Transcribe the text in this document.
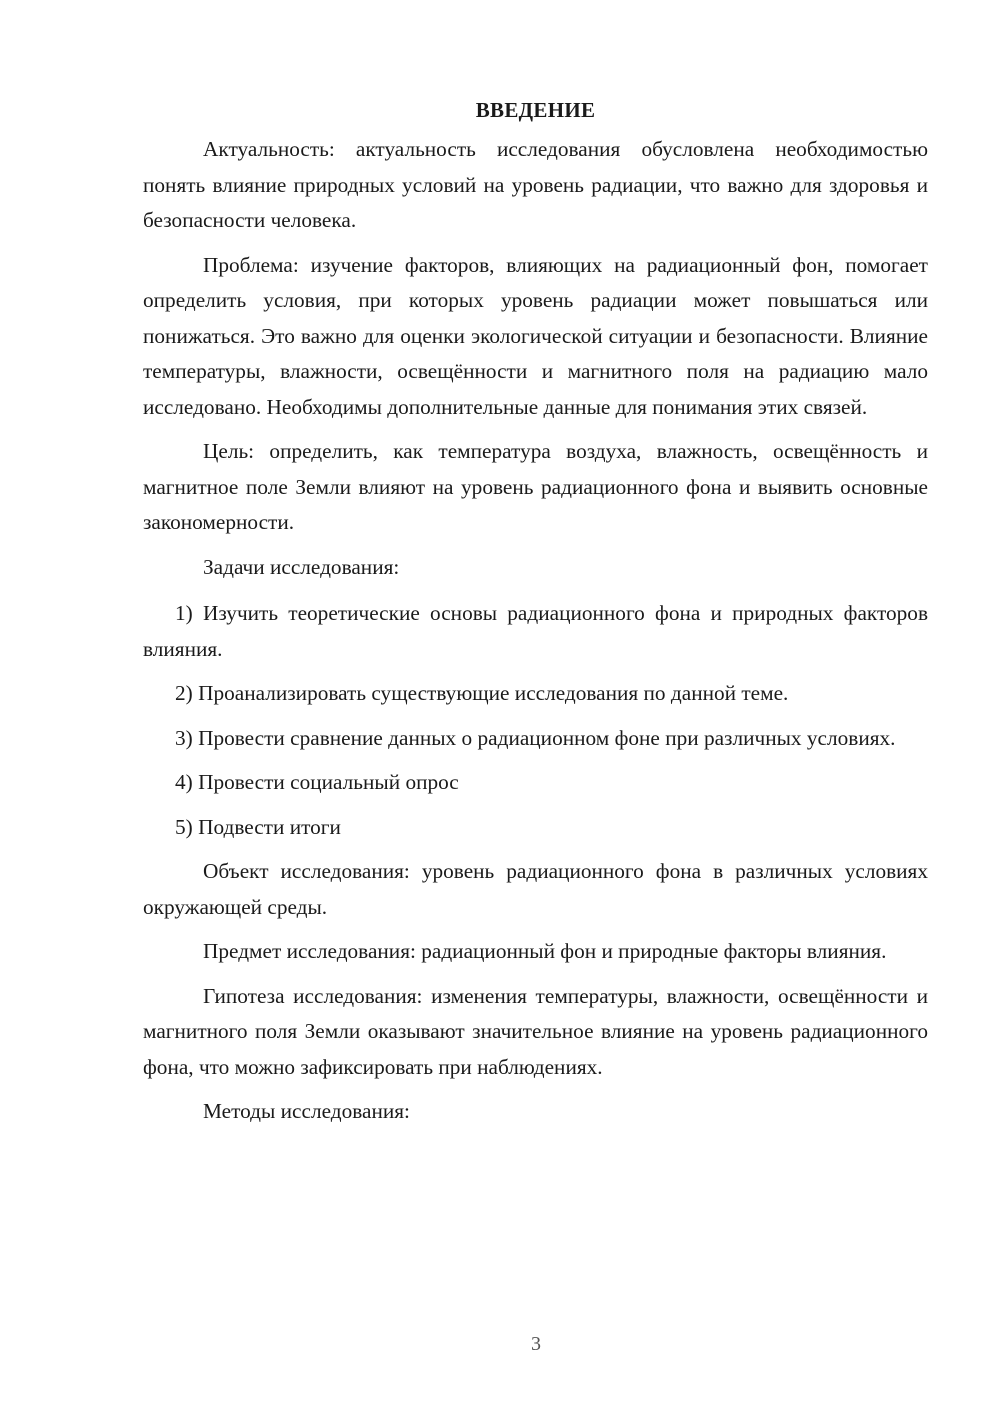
ВВЕДЕНИЕ

Актуальность: актуальность исследования обусловлена необходимостью понять влияние природных условий на уровень радиации, что важно для здоровья и безопасности человека.

Проблема: изучение факторов, влияющих на радиационный фон, помогает определить условия, при которых уровень радиации может повышаться или понижаться. Это важно для оценки экологической ситуации и безопасности. Влияние температуры, влажности, освещённости и магнитного поля на радиацию мало исследовано. Необходимы дополнительные данные для понимания этих связей.

Цель: определить, как температура воздуха, влажность, освещённость и магнитное поле Земли влияют на уровень радиационного фона и выявить основные закономерности.

Задачи исследования:

1) Изучить теоретические основы радиационного фона и природных факторов влияния.

2) Проанализировать существующие исследования по данной теме.

3) Провести сравнение данных о радиационном фоне при различных условиях.

4) Провести социальный опрос

5) Подвести итоги

Объект исследования: уровень радиационного фона в различных условиях окружающей среды.

Предмет исследования: радиационный фон и природные факторы влияния.

Гипотеза исследования: изменения температуры, влажности, освещённости и магнитного поля Земли оказывают значительное влияние на уровень радиационного фона, что можно зафиксировать при наблюдениях.

Методы исследования:

3
